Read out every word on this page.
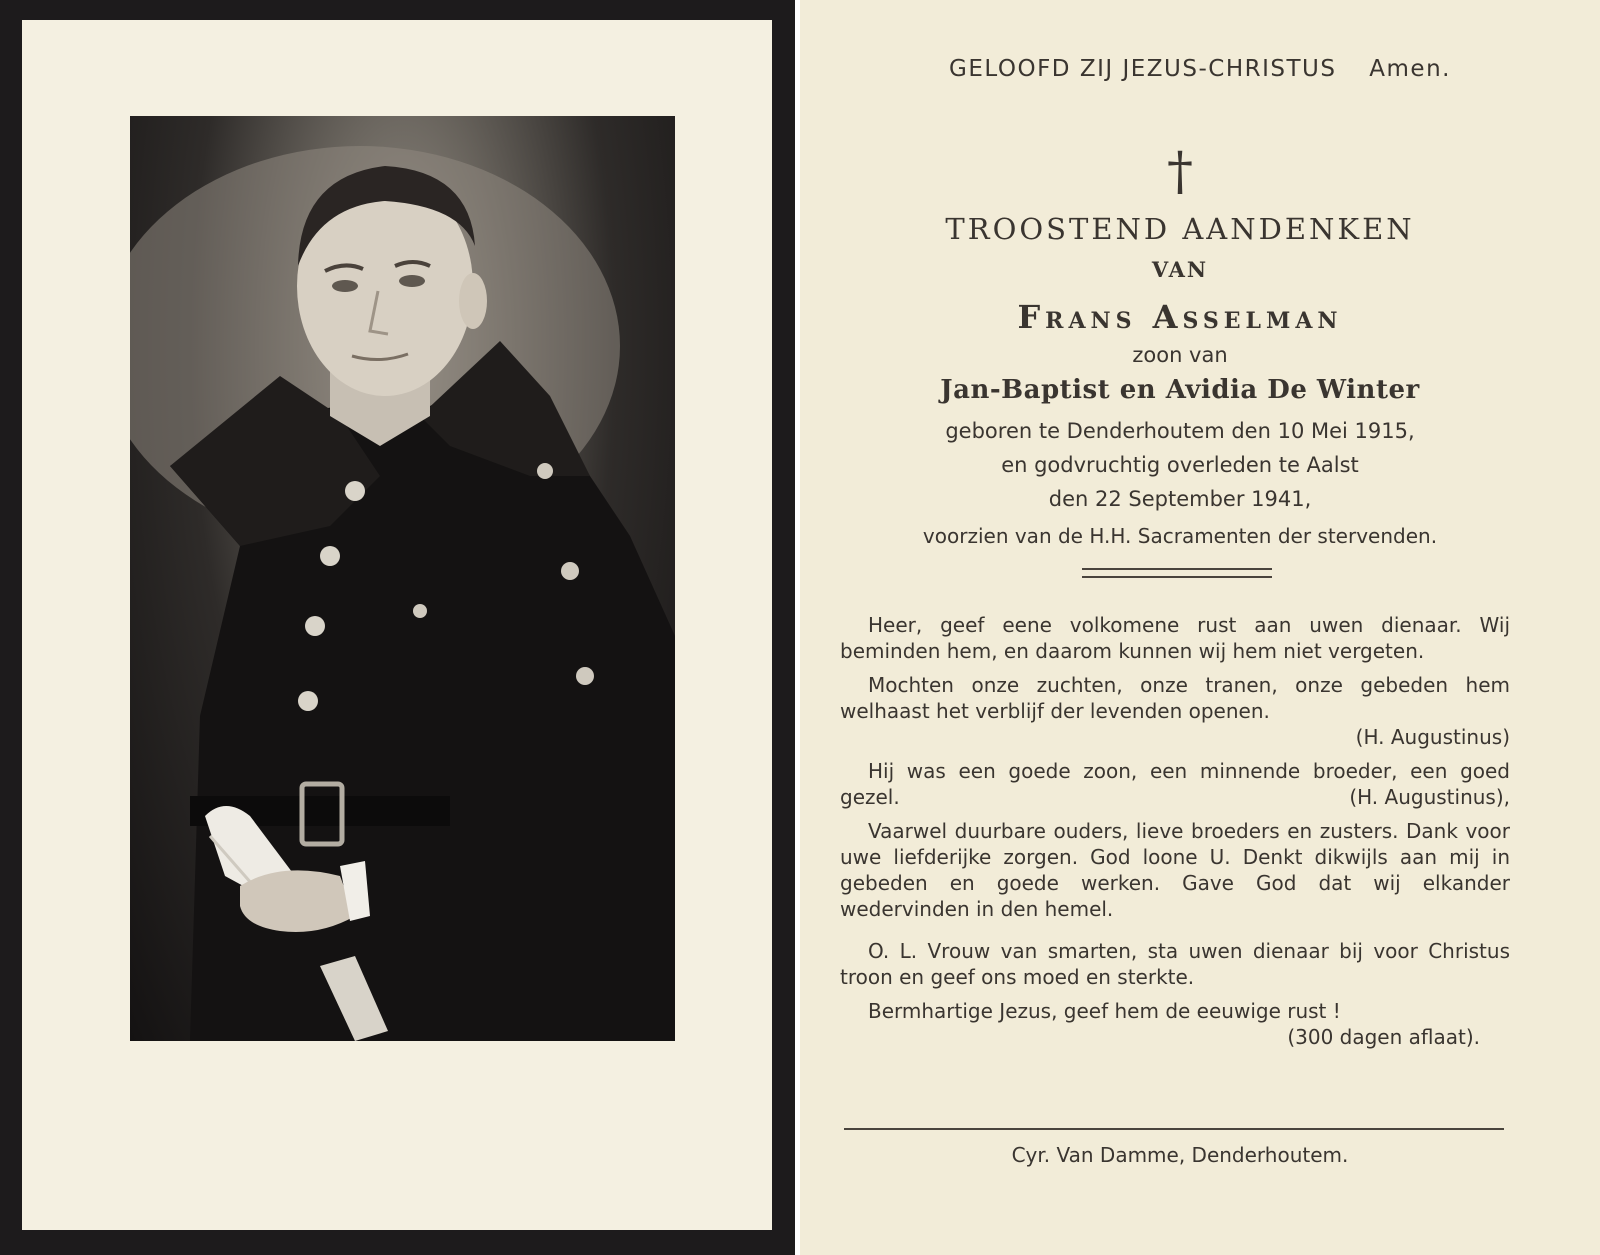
GELOOFD ZIJ JEZUS-CHRISTUS Amen.
†
TROOSTEND AANDENKEN
VAN
Frans Asselman
zoon van
Jan-Baptist en Avidia De Winter
geboren te Denderhoutem den 10 Mei 1915,
en godvruchtig overleden te Aalst
den 22 September 1941,
voorzien van de H.H. Sacramenten der stervenden.

Heer, geef eene volkomene rust aan uwen dienaar. Wij beminden hem, en daarom kunnen wij hem niet vergeten.

Mochten onze zuchten, onze tranen, onze gebeden hem welhaast het verblijf der levenden openen.

(H. Augustinus)

Hij was een goede zoon, een minnende broeder, een goed gezel.	(H. Augustinus),

Vaarwel duurbare ouders, lieve broeders en zusters. Dank voor uwe liefderijke zorgen. God loone U. Denkt dikwijls aan mij in gebeden en goede werken. Gave God dat wij elkander wedervinden in den hemel.

O. L. Vrouw van smarten, sta uwen dienaar bij voor Christus troon en geef ons moed en sterkte.

Bermhartige Jezus, geef hem de eeuwige rust !

(300 dagen aflaat).

Cyr. Van Damme, Denderhoutem.
